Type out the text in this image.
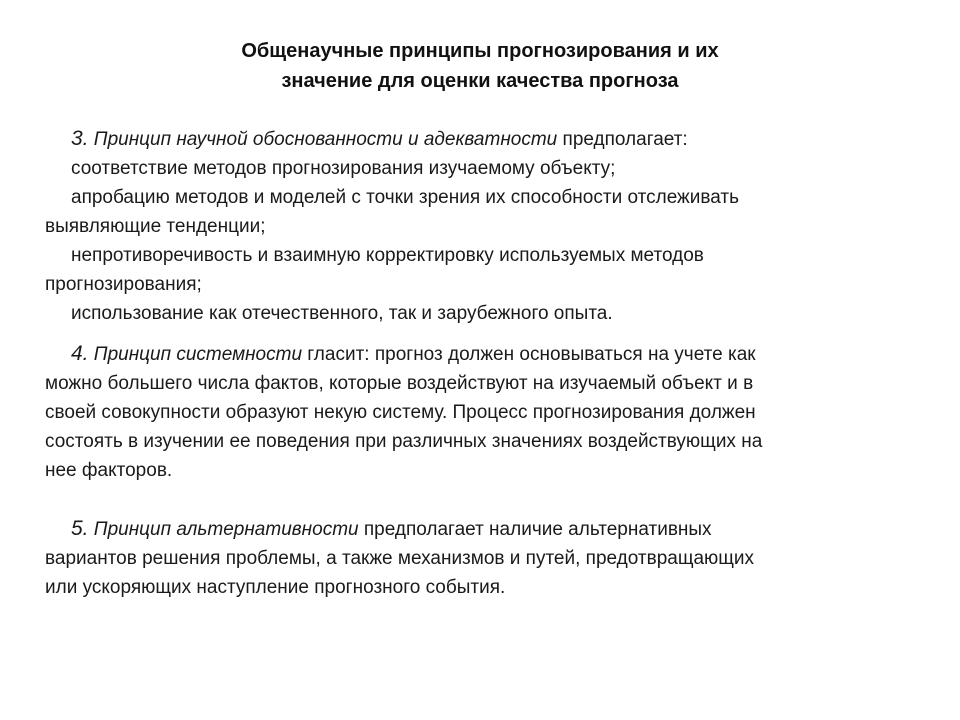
Общенаучные принципы прогнозирования и их
значение для оценки качества прогноза
3. Принцип научной обоснованности и адекватности предполагает:
соответствие методов прогнозирования изучаемому объекту;
апробацию методов и моделей с точки зрения их способности отслеживать
выявляющие тенденции;
непротиворечивость и взаимную корректировку используемых методов
прогнозирования;
использование как отечественного, так и зарубежного опыта.
4. Принцип системности гласит: прогноз должен основываться на учете как
можно большего числа фактов, которые воздействуют на изучаемый объект и в
своей совокупности образуют некую систему. Процесс прогнозирования должен
состоять в изучении ее поведения при различных значениях воздействующих на
нее факторов.
5. Принцип альтернативности предполагает наличие альтернативных
вариантов решения проблемы, а также механизмов и путей, предотвращающих
или ускоряющих наступление прогнозного события.
